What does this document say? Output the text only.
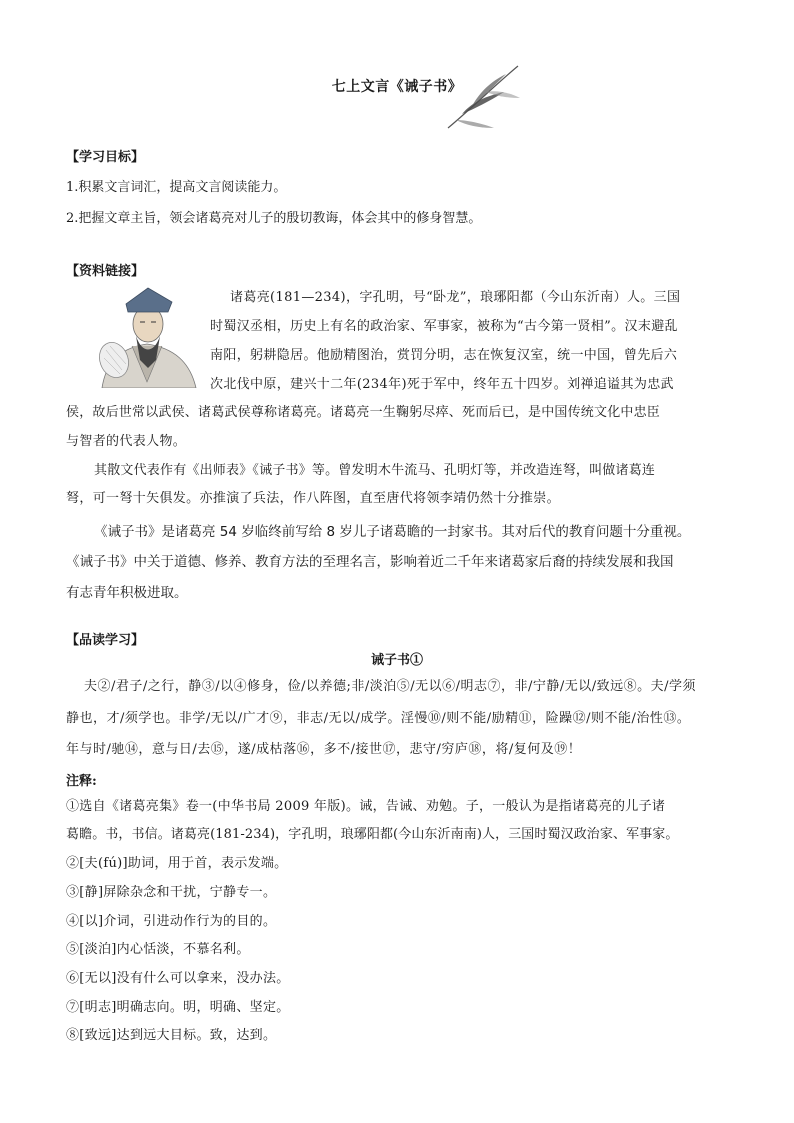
七上文言《诫子书》
【学习目标】
1.积累文言词汇，提高文言阅读能力。
2.把握文章主旨，领会诸葛亮对儿子的殷切教诲，体会其中的修身智慧。
【资料链接】
诸葛亮(181—234)，字孔明，号“卧龙”，琅琊阳都（今山东沂南）人。三国
时蜀汉丞相，历史上有名的政治家、军事家，被称为“古今第一贤相”。汉末避乱
南阳，躬耕隐居。他励精图治，赏罚分明，志在恢复汉室，统一中国，曾先后六
次北伐中原，建兴十二年(234年)死于军中，终年五十四岁。刘禅追谥其为忠武
侯，故后世常以武侯、诸葛武侯尊称诸葛亮。诸葛亮一生鞠躬尽瘁、死而后已，是中国传统文化中忠臣
与智者的代表人物。
其散文代表作有《出师表》《诫子书》等。曾发明木牛流马、孔明灯等，并改造连弩，叫做诸葛连
弩，可一弩十矢俱发。亦推演了兵法，作八阵图，直至唐代将领李靖仍然十分推崇。
《诫子书》是诸葛亮 54 岁临终前写给 8 岁儿子诸葛瞻的一封家书。其对后代的教育问题十分重视。
《诫子书》中关于道德、修养、教育方法的至理名言，影响着近二千年来诸葛家后裔的持续发展和我国
有志青年积极进取。
【品读学习】
诫子书①
夫②/君子/之行，静③/以④修身，俭/以养德;非/淡泊⑤/无以⑥/明志⑦，非/宁静/无以/致远⑧。夫/学须
静也，才/须学也。非学/无以/广才⑨，非志/无以/成学。淫慢⑩/则不能/励精⑪，险躁⑫/则不能/治性⑬。
年与时/驰⑭，意与日/去⑮，遂/成枯落⑯，多不/接世⑰，悲守/穷庐⑱，将/复何及⑲！
注释:
①选自《诸葛亮集》卷一(中华书局 2009 年版)。诫，告诫、劝勉。子，一般认为是指诸葛亮的儿子诸
葛瞻。书，书信。诸葛亮(181-234)，字孔明，琅琊阳都(今山东沂南南)人，三国时蜀汉政治家、军事家。
②[夫(fú)]助词，用于首，表示发端。
③[静]屏除杂念和干扰，宁静专一。
④[以]介词，引进动作行为的目的。
⑤[淡泊]内心恬淡，不慕名利。
⑥[无以]没有什么可以拿来，没办法。
⑦[明志]明确志向。明，明确、坚定。
⑧[致远]达到远大目标。致，达到。
